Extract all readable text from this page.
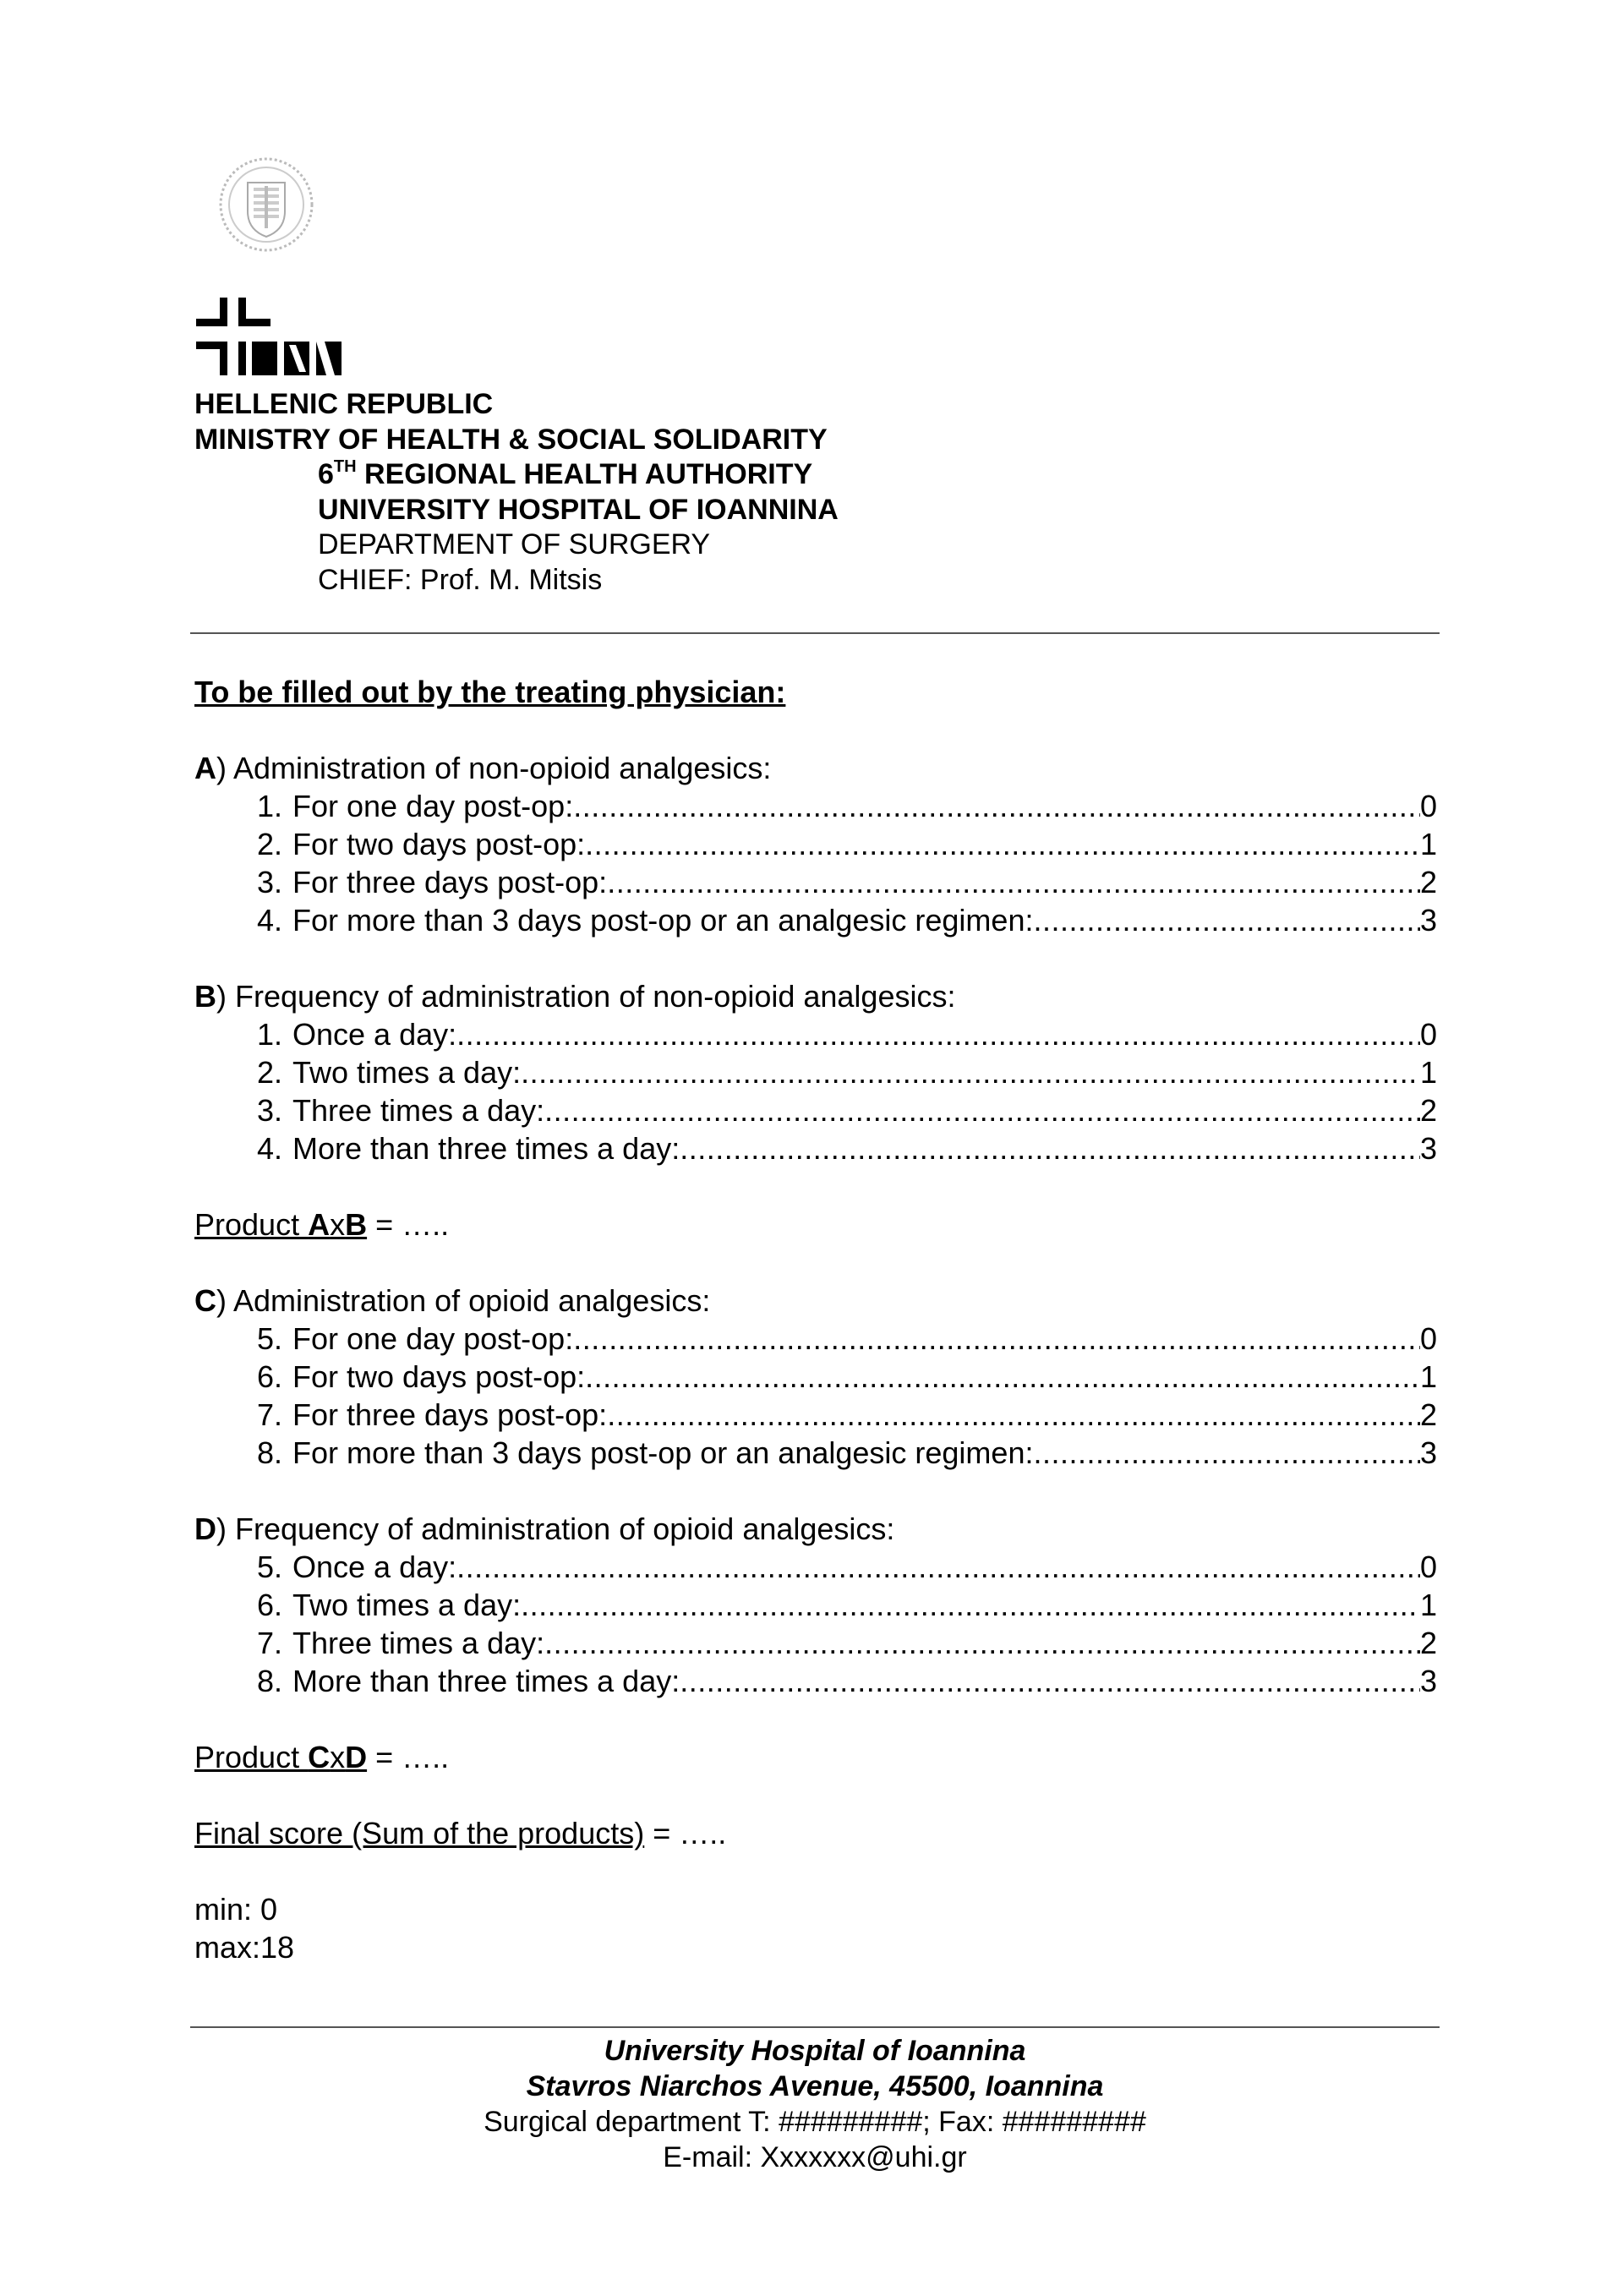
HELLENIC REPUBLIC
MINISTRY OF HEALTH & SOCIAL SOLIDARITY
6TH REGIONAL HEALTH AUTHORITY
UNIVERSITY HOSPITAL OF IOANNINA
DEPARTMENT OF SURGERY
CHIEF: Prof. M. Mitsis
To be filled out by the treating physician:
A) Administration of non-opioid analgesics:
1. For one day post-op: .....	0
2. For two days post-op: .....	1
3. For three days post-op: .....	2
4. For more than 3 days post-op or an analgesic regimen: .....	3
B) Frequency of administration of non-opioid analgesics:
1. Once a day: .....	0
2. Two times a day: .....	1
3. Three times a day: .....	2
4. More than three times a day: .....	3
Product AxB = …..
C) Administration of opioid analgesics:
5. For one day post-op: .....	0
6. For two days post-op: .....	1
7. For three days post-op: .....	2
8. For more than 3 days post-op or an analgesic regimen: .....	3
D) Frequency of administration of opioid analgesics:
5. Once a day: .....	0
6. Two times a day: .....	1
7. Three times a day: .....	2
8. More than three times a day: .....	3
Product CxD = …..
Final score (Sum of the products) = …..
min: 0
max:18
University Hospital of Ioannina
Stavros Niarchos Avenue, 45500, Ioannina
Surgical department T: #########; Fax: #########
E-mail: Xxxxxxx@uhi.gr
